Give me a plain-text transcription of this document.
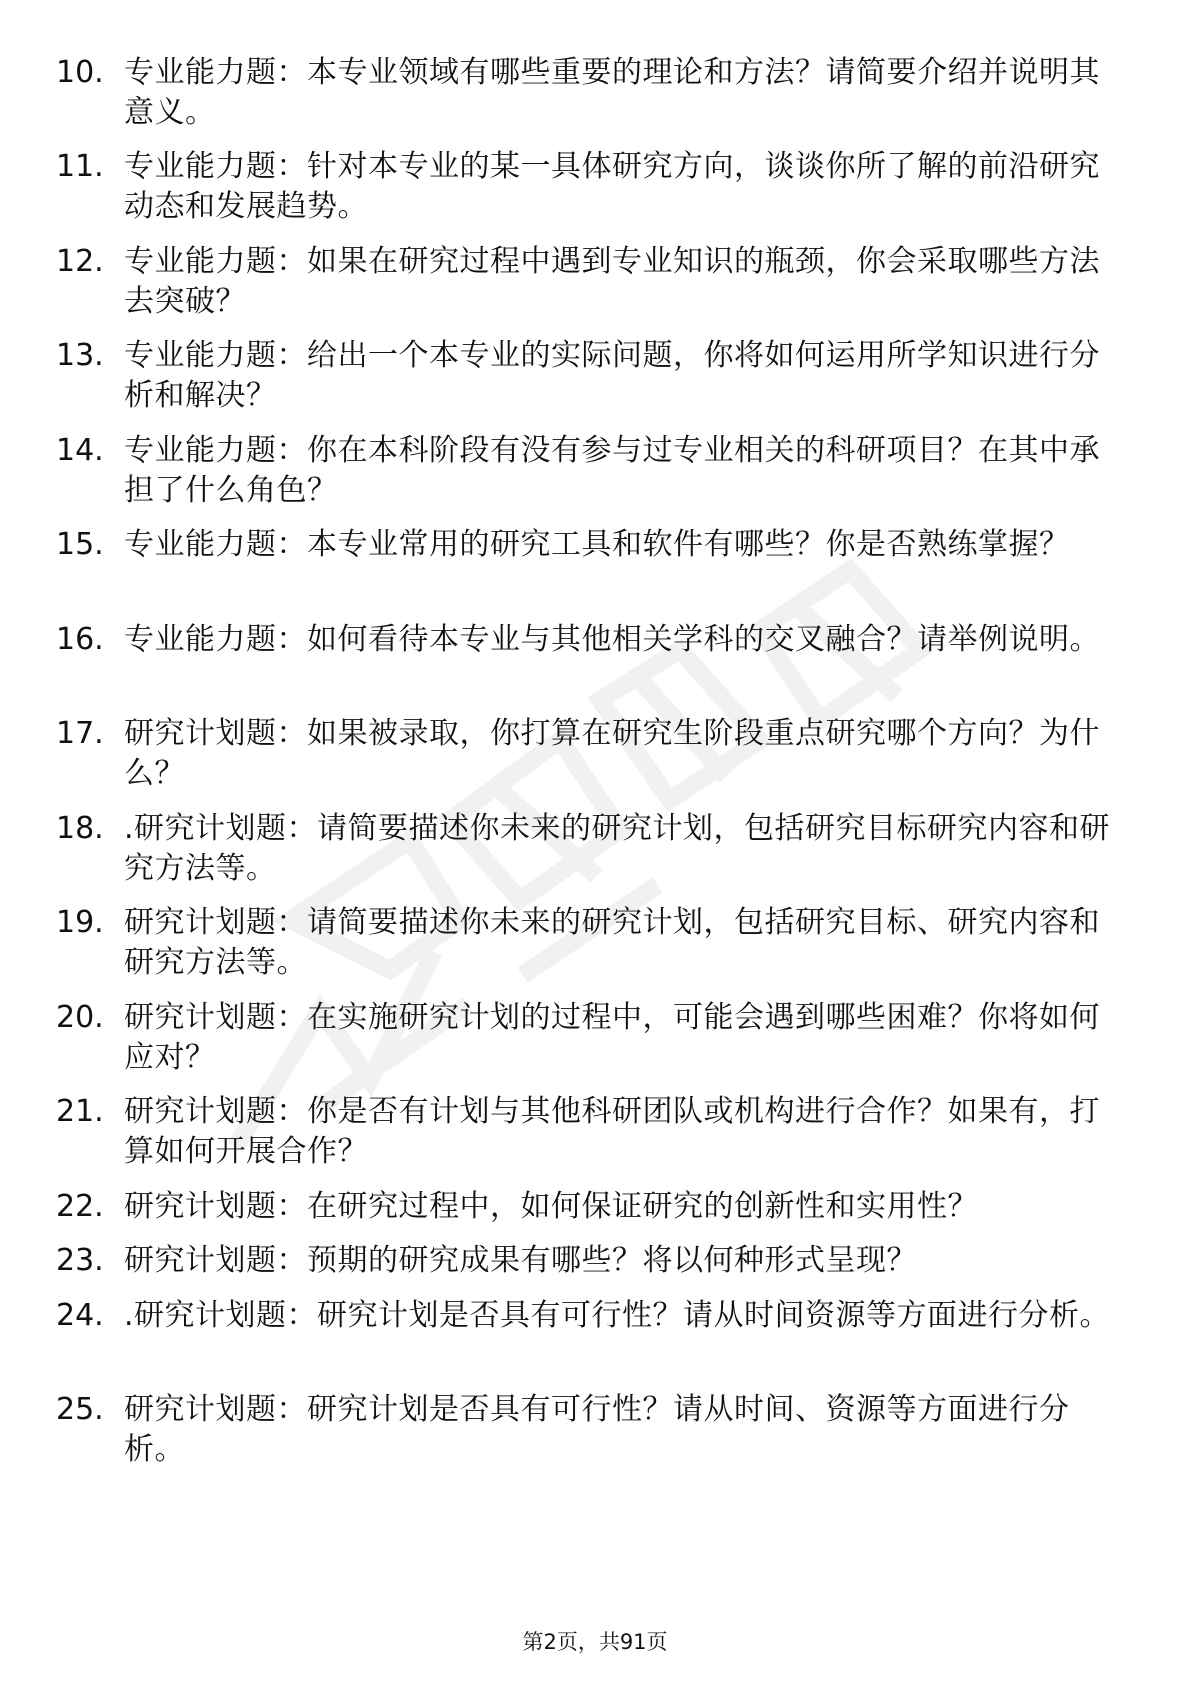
10. 专业能力题：本专业领域有哪些重要的理论和方法？请简要介绍并说明其意义。
11. 专业能力题：针对本专业的某一具体研究方向，谈谈你所了解的前沿研究动态和发展趋势。
12. 专业能力题：如果在研究过程中遇到专业知识的瓶颈，你会采取哪些方法去突破？
13. 专业能力题：给出一个本专业的实际问题，你将如何运用所学知识进行分析和解决？
14. 专业能力题：你在本科阶段有没有参与过专业相关的科研项目？在其中承担了什么角色？
15. 专业能力题：本专业常用的研究工具和软件有哪些？你是否熟练掌握？
16. 专业能力题：如何看待本专业与其他相关学科的交叉融合？请举例说明。
17. 研究计划题：如果被录取，你打算在研究生阶段重点研究哪个方向？为什么？
18. .研究计划题：请简要描述你未来的研究计划，包括研究目标研究内容和研究方法等。
19. 研究计划题：请简要描述你未来的研究计划，包括研究目标、研究内容和研究方法等。
20. 研究计划题：在实施研究计划的过程中，可能会遇到哪些困难？你将如何应对？
21. 研究计划题：你是否有计划与其他科研团队或机构进行合作？如果有，打算如何开展合作？
22. 研究计划题：在研究过程中，如何保证研究的创新性和实用性？
23. 研究计划题：预期的研究成果有哪些？将以何种形式呈现？
24. .研究计划题：研究计划是否具有可行性？请从时间资源等方面进行分析。
25. 研究计划题：研究计划是否具有可行性？请从时间、资源等方面进行分析。
第2页，共91页
